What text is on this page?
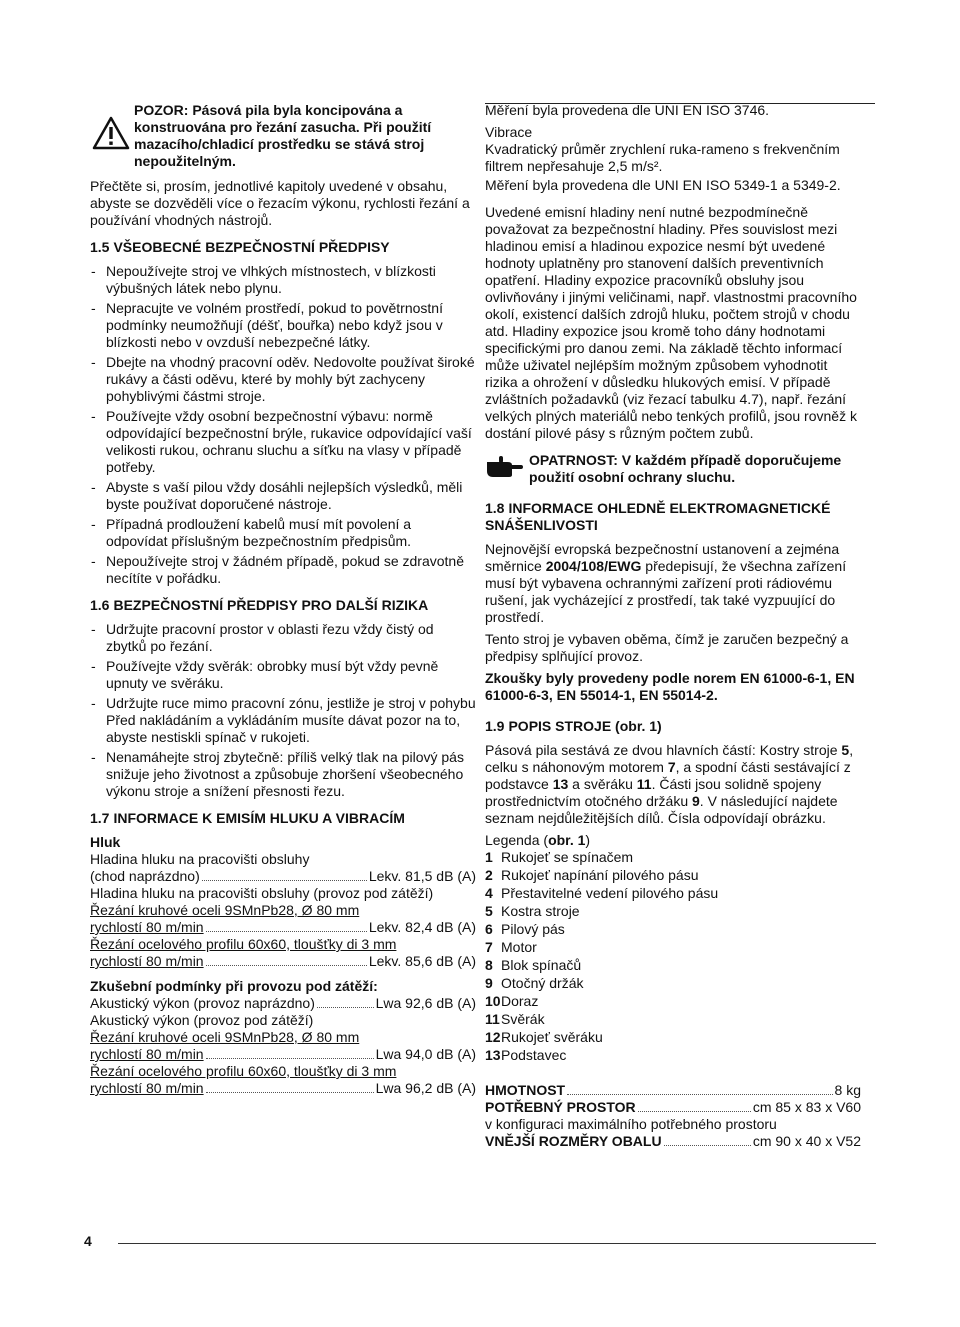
POZOR: Pásová pila byla koncipována a konstruována pro řezání zasucha. Při použití mazacího/chladicí prostředku se stává stroj nepoužitelným.

Přečtěte si, prosím, jednotlivé kapitoly uvedené v obsahu, abyste se dozvěděli více o řezacím výkonu, rychlosti řezání a používání vhodných nástrojů.

1.5 VŠEOBECNÉ BEZPEČNOSTNÍ PŘEDPISY

- Nepoužívejte stroj ve vlhkých místnostech, v blízkosti výbušných látek nebo plynu.

- Nepracujte ve volném prostředí, pokud to povětrnostní podmínky neumožňují (déšť, bouřka) nebo když jsou v blízkosti nebo v ovzduší nebezpečné látky.

- Dbejte na vhodný pracovní oděv. Nedovolte používat široké rukávy a části oděvu, které by mohly být zachyceny pohyblivými částmi stroje.

- Používejte vždy osobní bezpečnostní výbavu: normě odpovídající bezpečnostní brýle, rukavice odpovídající vaší velikosti rukou, ochranu sluchu a síťku na vlasy v případě potřeby.

- Abyste s vaší pilou vždy dosáhli nejlepších výsledků, měli byste používat doporučené nástroje.

- Případná prodloužení kabelů musí mít povolení a odpovídat příslušným bezpečnostním předpisům.

- Nepoužívejte stroj v žádném případě, pokud se zdravotně necítíte v pořádku.

1.6 BEZPEČNOSTNÍ PŘEDPISY PRO DALŠÍ RIZIKA

- Udržujte pracovní prostor v oblasti řezu vždy čistý od zbytků po řezání.

- Používejte vždy svěrák: obrobky musí být vždy pevně upnuty ve svěráku.

- Udržujte ruce mimo pracovní zónu, jestliže je stroj v pohybu Před nakládáním a vykládáním musíte dávat pozor na to, abyste nestiskli spínač v rukojeti.

- Nenamáhejte stroj zbytečně: příliš velký tlak na pilový pás snižuje jeho životnost a způsobuje zhoršení všeobecného výkonu stroje a snížení přesnosti řezu.

1.7 INFORMACE K EMISÍM HLUKU A VIBRACÍM
Hluk
Hladina hluku na pracovišti obsluhy
(chod naprázdno)	Lekv. 81,5 dB (A)
Hladina hluku na pracovišti obsluhy (provoz pod zátěží)
Řezání kruhové oceli 9SMnPb28, Ø 80 mm
rychlostí 80 m/min	Lekv. 82,4 dB (A)
Řezání ocelového profilu 60x60, tloušťky di 3 mm
rychlostí 80 m/min	Lekv. 85,6 dB (A)
Zkušební podmínky při provozu pod zátěží:
Akustický výkon (provoz naprázdno)	Lwa 92,6 dB (A)
Akustický výkon (provoz pod zátěží)
Řezání kruhové oceli 9SMnPb28, Ø 80 mm
rychlostí 80 m/min	Lwa 94,0 dB (A)
Řezání ocelového profilu 60x60, tloušťky di 3 mm
rychlostí 80 m/min	Lwa 96,2 dB (A)

Měření byla provedena dle UNI EN ISO 3746.

Vibrace

Kvadratický průměr zrychlení ruka-rameno s frekvenčním filtrem nepřesahuje 2,5 m/s².

Měření byla provedena dle UNI EN ISO 5349-1 a 5349-2.

Uvedené emisní hladiny není nutné bezpodmínečně považovat za bezpečnostní hladiny. Přes souvislost mezi hladinou emisí a hladinou expozice nesmí být uvedené hodnoty uplatněny pro stanovení dalších preventivních opatření. Hladiny expozice pracovníků obsluhy jsou ovlivňovány i jinými veličinami, např. vlastnostmi pracovního okolí, existencí dalších zdrojů hluku, počtem strojů v chodu atd. Hladiny expozice jsou kromě toho dány hodnotami specifickými pro danou zemi. Na základě těchto informací může uživatel nejlépším možným způsobem vyhodnotit rizika a ohrožení v důsledku hlukových emisí. V případě zvláštních požadavků (viz řezací tabulku 4.7), např. řezání velkých plných materiálů nebo tenkých profilů, jsou rovněž k dostání pilové pásy s různým počtem zubů.

OPATRNOST: V každém případě doporučujeme použití osobní ochrany sluchu.
1.8 INFORMACE OHLEDNĚ ELEKTROMAGNETICKÉ SNÁŠENLIVOSTI

Nejnovější evropská bezpečnostní ustanovení a zejména směrnice 2004/108/EWG předepisují, že všechna zařízení musí být vybavena ochrannými zařízení proti rádiovému rušení, jak vycházející z prostředí, tak také vyzpuující do prostředí.

Tento stroj je vybaven oběma, čímž je zaručen bezpečný a předpisy splňující provoz.

Zkoušky byly provedeny podle norem EN 61000-6-1, EN 61000-6-3, EN 55014-1, EN 55014-2.

1.9 POPIS STROJE (obr. 1)

Pásová pila sestává ze dvou hlavních částí: Kostry stroje 5, celku s náhonovým motorem 7, a spodní části sestávající z podstavce 13 a svěráku 11. Části jsou solidně spojeny prostřednictvím otočného držáku 9. V následující najdete seznam nejdůležitějších dílů. Čísla odpovídají obrázku.

Legenda (obr. 1)
1 Rukojeť se spínačem
2 Rukojeť napínání pilového pásu
4 Přestavitelné vedení pilového pásu
5 Kostra stroje
6 Pilový pás
7 Motor
8 Blok spínačů
9 Otočný držák
10Doraz
11Svěrák
12Rukojeť svěráku
13Podstavec
HMOTNOST	8 kg
POTŘEBNÝ PROSTOR	cm 85 x 83 x V60
v konfiguraci maximálního potřebného prostoru
VNĚJŠÍ ROZMĚRY OBALU	cm 90 x 40 x V52
4
